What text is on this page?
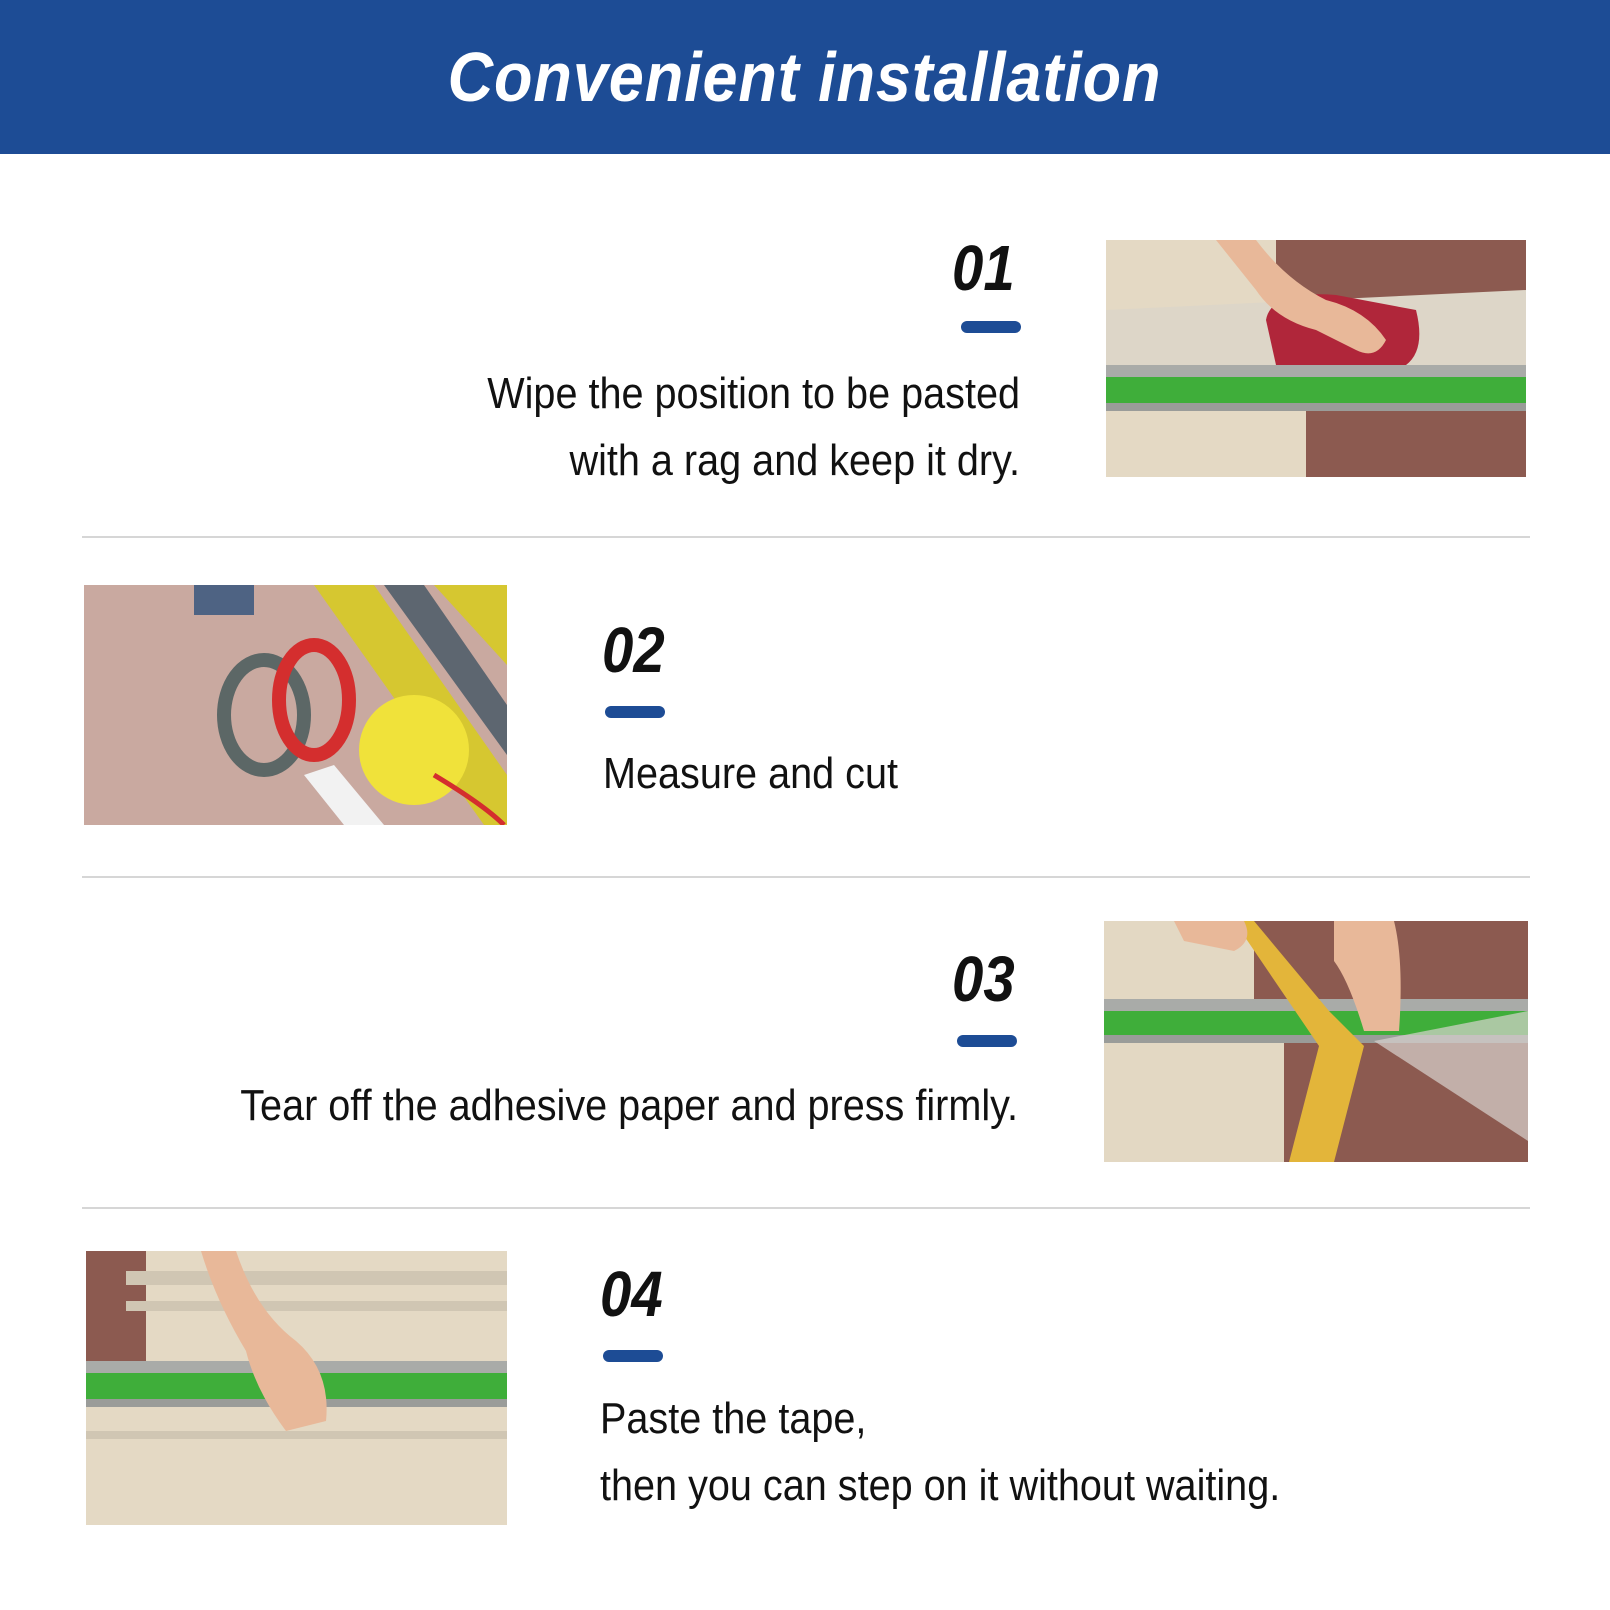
Convenient installation
01
Wipe the position to be pasted
with a rag and keep it dry.
02
Measure and cut
03
Tear off the adhesive paper and press firmly.
04
Paste the tape,
then you can step on it without waiting.
